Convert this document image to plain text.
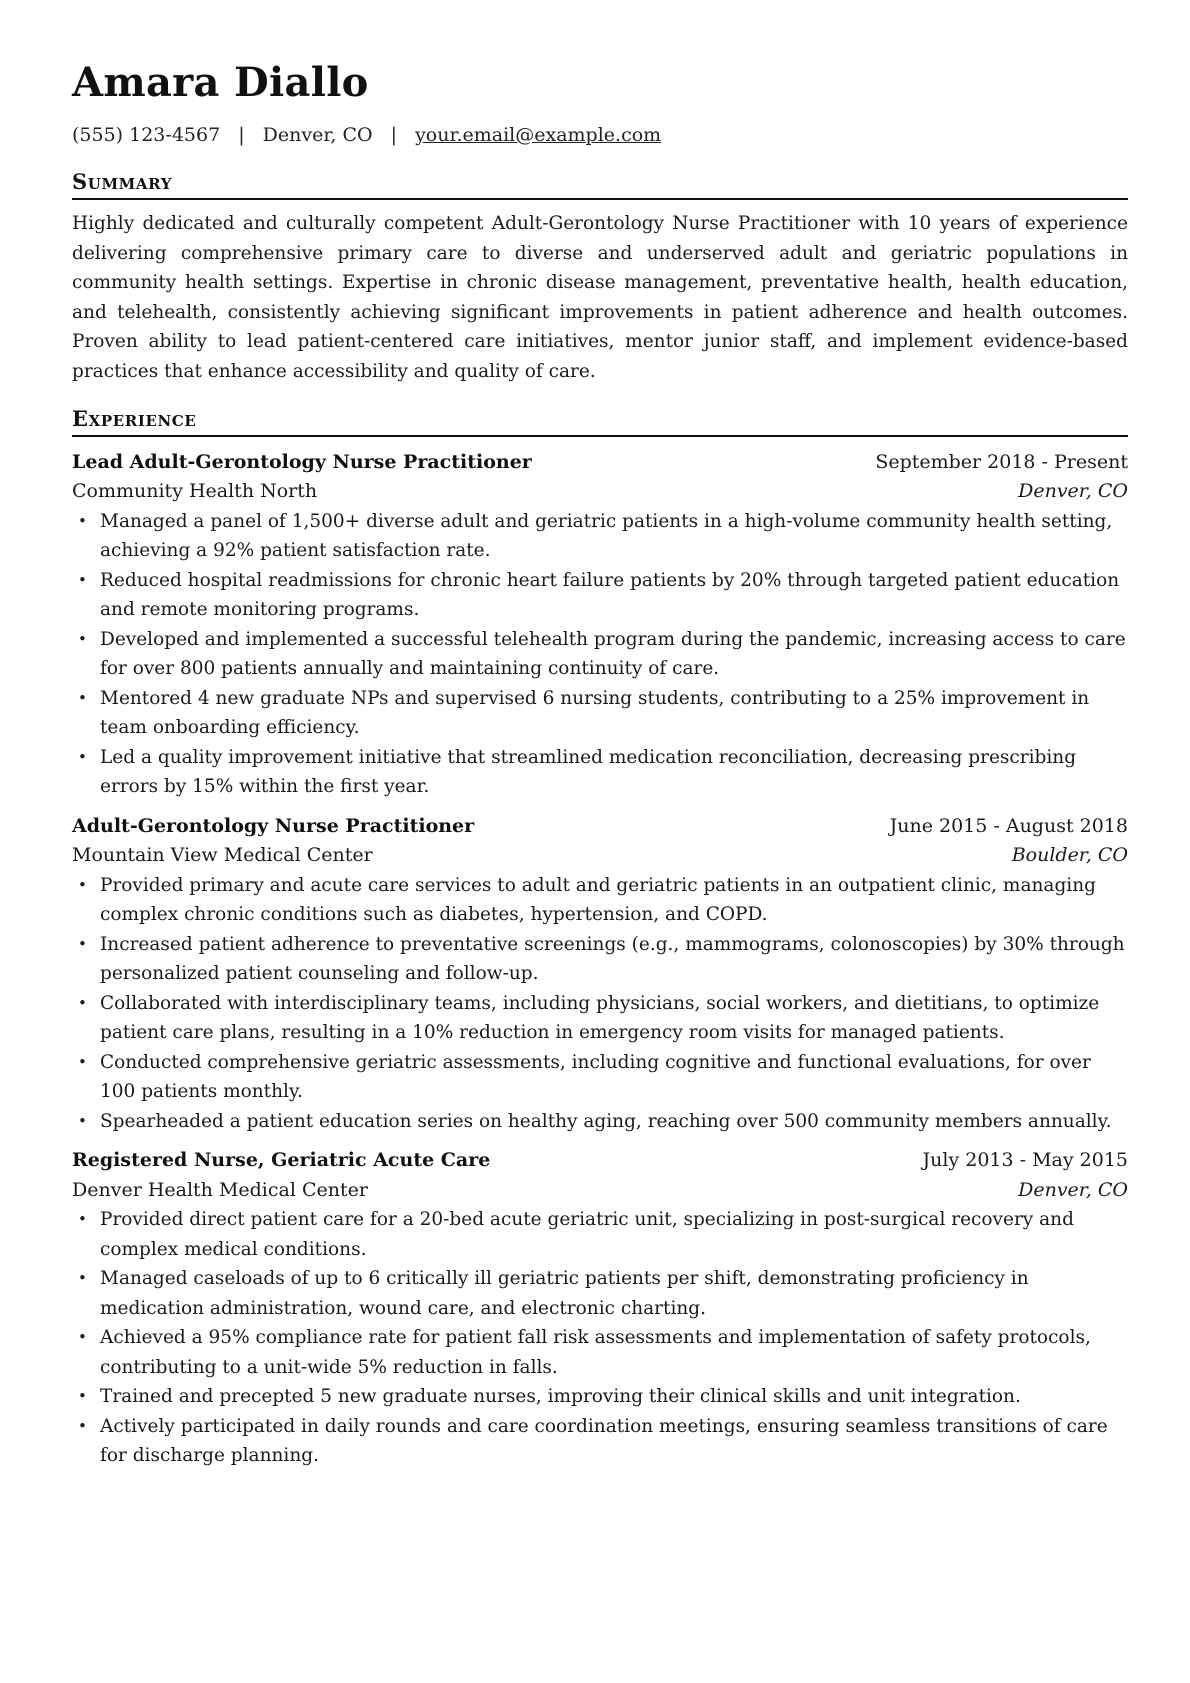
Amara Diallo
(555) 123-4567 | Denver, CO | your.email@example.com
Summary
Highly dedicated and culturally competent Adult-Gerontology Nurse Practitioner with 10 years of experience delivering comprehensive primary care to diverse and underserved adult and geriatric populations in community health settings. Expertise in chronic disease management, preventative health, health education, and telehealth, consistently achieving significant improvements in patient adherence and health outcomes. Proven ability to lead patient-centered care initiatives, mentor junior staff, and implement evidence-based practices that enhance accessibility and quality of care.
Experience
Lead Adult-Gerontology Nurse Practitioner	September 2018 - Present
Community Health North	Denver, CO
• Managed a panel of 1,500+ diverse adult and geriatric patients in a high-volume community health setting, achieving a 92% patient satisfaction rate.
• Reduced hospital readmissions for chronic heart failure patients by 20% through targeted patient education and remote monitoring programs.
• Developed and implemented a successful telehealth program during the pandemic, increasing access to care for over 800 patients annually and maintaining continuity of care.
• Mentored 4 new graduate NPs and supervised 6 nursing students, contributing to a 25% improvement in team onboarding efficiency.
• Led a quality improvement initiative that streamlined medication reconciliation, decreasing prescribing errors by 15% within the first year.
Adult-Gerontology Nurse Practitioner	June 2015 - August 2018
Mountain View Medical Center	Boulder, CO
• Provided primary and acute care services to adult and geriatric patients in an outpatient clinic, managing complex chronic conditions such as diabetes, hypertension, and COPD.
• Increased patient adherence to preventative screenings (e.g., mammograms, colonoscopies) by 30% through personalized patient counseling and follow-up.
• Collaborated with interdisciplinary teams, including physicians, social workers, and dietitians, to optimize patient care plans, resulting in a 10% reduction in emergency room visits for managed patients.
• Conducted comprehensive geriatric assessments, including cognitive and functional evaluations, for over 100 patients monthly.
• Spearheaded a patient education series on healthy aging, reaching over 500 community members annually.
Registered Nurse, Geriatric Acute Care	July 2013 - May 2015
Denver Health Medical Center	Denver, CO
• Provided direct patient care for a 20-bed acute geriatric unit, specializing in post-surgical recovery and complex medical conditions.
• Managed caseloads of up to 6 critically ill geriatric patients per shift, demonstrating proficiency in medication administration, wound care, and electronic charting.
• Achieved a 95% compliance rate for patient fall risk assessments and implementation of safety protocols, contributing to a unit-wide 5% reduction in falls.
• Trained and precepted 5 new graduate nurses, improving their clinical skills and unit integration.
• Actively participated in daily rounds and care coordination meetings, ensuring seamless transitions of care for discharge planning.
